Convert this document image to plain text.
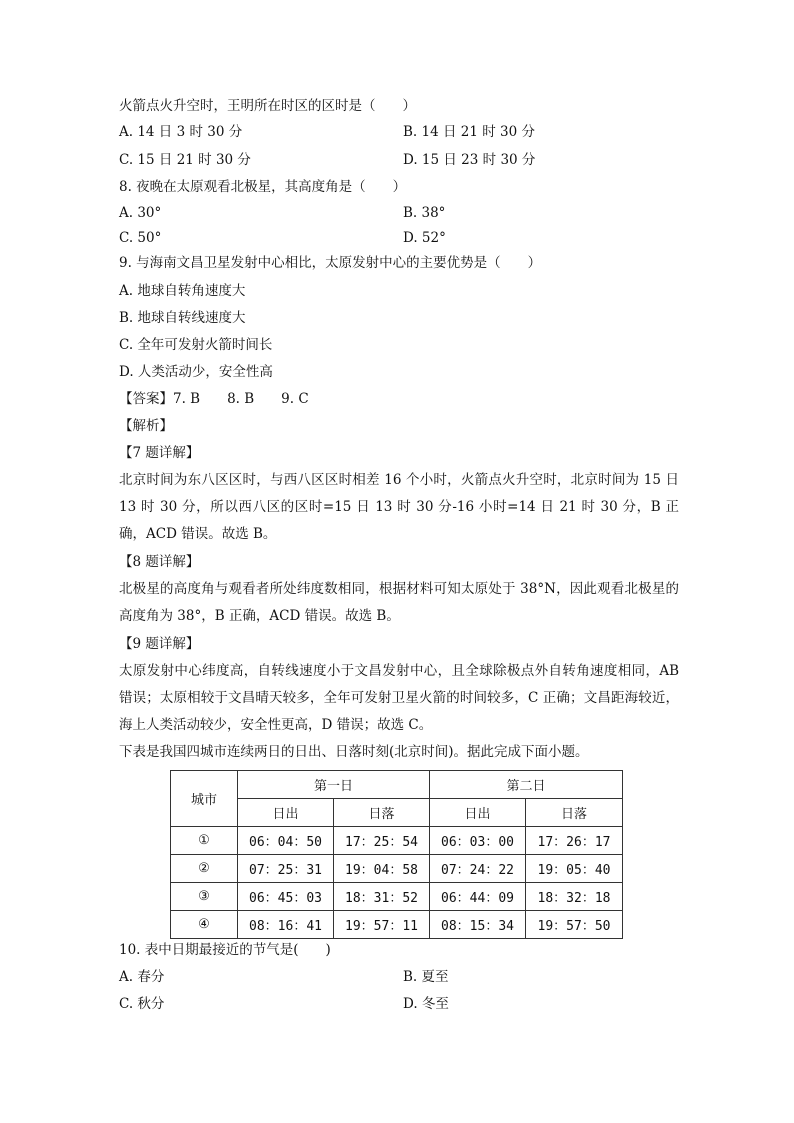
火箭点火升空时，王明所在时区的区时是（　　）
A. 14 日 3 时 30 分	B. 14 日 21 时 30 分
C. 15 日 21 时 30 分	D. 15 日 23 时 30 分
8. 夜晚在太原观看北极星，其高度角是（　　）
A. 30°	B. 38°
C. 50°	D. 52°
9. 与海南文昌卫星发射中心相比，太原发射中心的主要优势是（　　）
A. 地球自转角速度大
B. 地球自转线速度大
C. 全年可发射火箭时间长
D. 人类活动少，安全性高
【答案】7. B　　8. B　　9. C
【解析】
【7 题详解】
北京时间为东八区区时，与西八区区时相差 16 个小时，火箭点火升空时，北京时间为 15 日 13 时 30 分，所以西八区的区时=15 日 13 时 30 分-16 小时=14 日 21 时 30 分，B 正确，ACD 错误。故选 B。
【8 题详解】
北极星的高度角与观看者所处纬度数相同，根据材料可知太原处于 38°N，因此观看北极星的高度角为 38°，B 正确，ACD 错误。故选 B。
【9 题详解】
太原发射中心纬度高，自转线速度小于文昌发射中心，且全球除极点外自转角速度相同，AB 错误；太原相较于文昌晴天较多，全年可发射卫星火箭的时间较多，C 正确；文昌距海较近，海上人类活动较少，安全性更高，D 错误；故选 C。
下表是我国四城市连续两日的日出、日落时刻(北京时间)。据此完成下面小题。
城市	第一日		第二日	
	日出	日落	日出	日落
①	06：04：50	17：25：54	06：03：00	17：26：17
②	07：25：31	19：04：58	07：24：22	19：05：40
③	06：45：03	18：31：52	06：44：09	18：32：18
④	08：16：41	19：57：11	08：15：34	19：57：50
10. 表中日期最接近的节气是(　　)
A. 春分	B. 夏至
C. 秋分	D. 冬至
